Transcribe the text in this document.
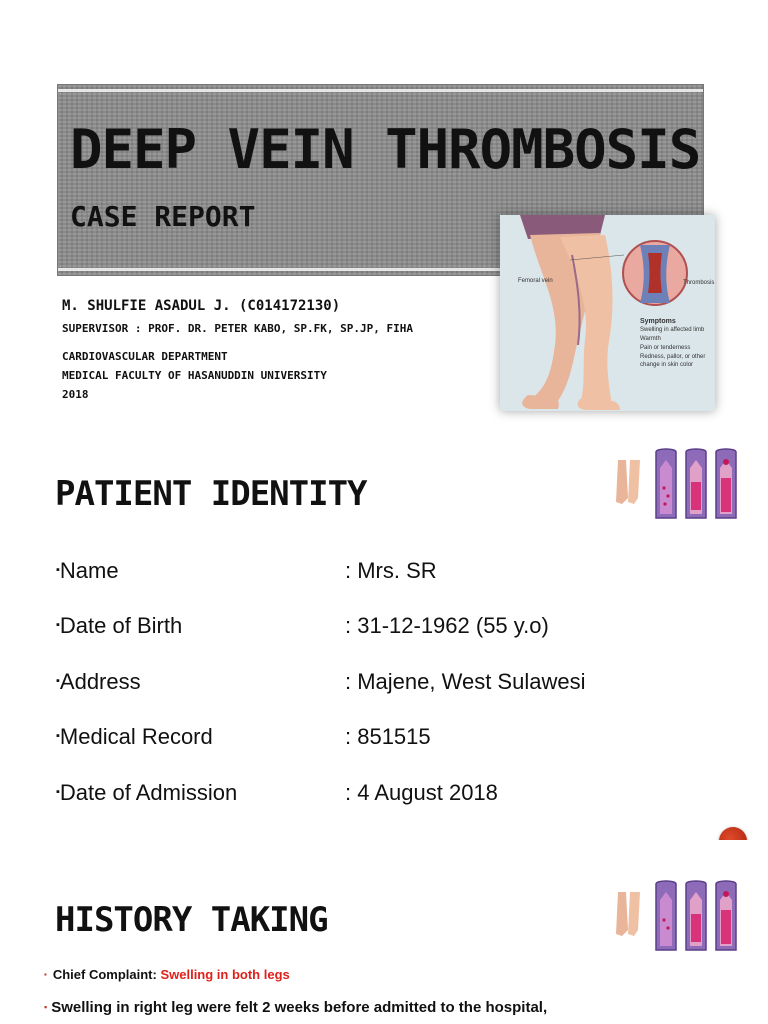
DEEP VEIN THROMBOSIS
CASE REPORT
M. SHULFIE ASADUL J. (C014172130)
SUPERVISOR : PROF. DR. PETER KABO, SP.FK, SP.JP, FIHA
CARDIOVASCULAR DEPARTMENT
MEDICAL FACULTY OF HASANUDDIN UNIVERSITY
2018
Femoral vein	Thrombosis
Symptoms
Swelling in affected limb
Warmth
Pain or tenderness
Redness, pallor, or other
change in skin color
PATIENT IDENTITY
▪Name	: Mrs. SR
▪Date of Birth	: 31-12-1962 (55 y.o)
▪Address	: Majene, West Sulawesi
▪Medical Record	: 851515
▪Date of Admission	: 4 August 2018
HISTORY TAKING
▪ Chief Complaint: Swelling in both legs
▪ Swelling in right leg were felt 2 weeks before admitted to the hospital,
